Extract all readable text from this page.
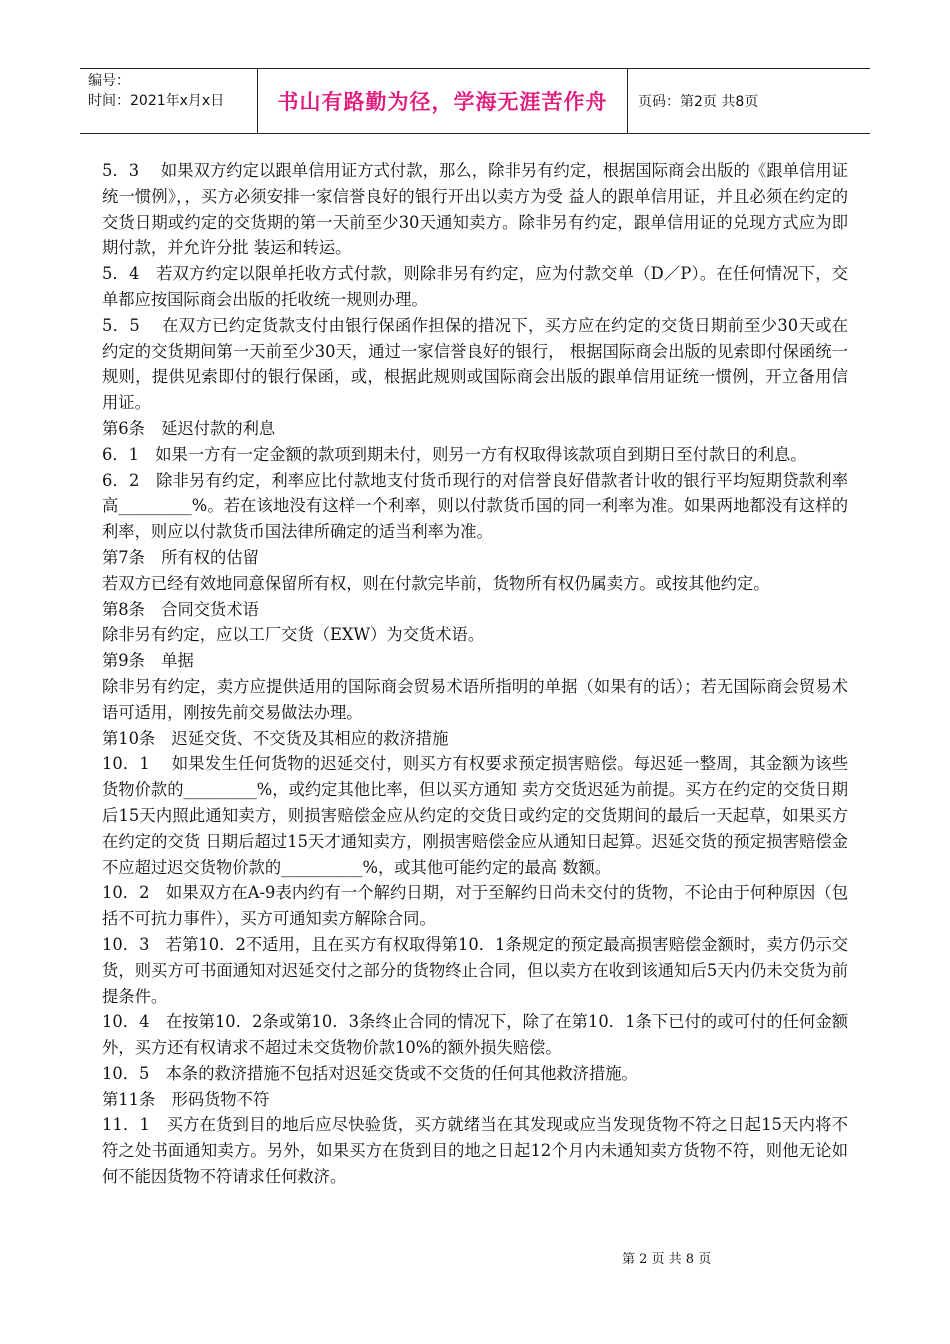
编号：
时间：2021年x月x日	书山有路勤为径，学海无涯苦作舟	页码：第2页 共8页

5．3　 如果双方约定以跟单信用证方式付款，那么，除非另有约定，根据国际商会出版的《跟单信用证统一惯例》，，买方必须安排一家信誉良好的银行开出以卖方为受 益人的跟单信用证，并且必须在约定的交货日期或约定的交货期的第一天前至少30天通知卖方。除非另有约定，跟单信用证的兑现方式应为即期付款，并允许分批 装运和转运。

5．4　若双方约定以限单托收方式付款，则除非另有约定，应为付款交单（D／P）。在任何情况下，交单都应按国际商会出版的托收统一规则办理。

5．5　 在双方已约定货款支付由银行保函作担保的措况下，买方应在约定的交货日期前至少30天或在约定的交货期间第一天前至少30天，通过一家信誉良好的银行， 根据国际商会出版的见索即付保函统一规则，提供见索即付的银行保函，或，根据此规则或国际商会出版的跟单信用证统一惯例，开立备用信用证。

第6条　延迟付款的利息

6．1　如果一方有一定金额的款项到期未付，则另一方有权取得该款项自到期日至付款日的利息。

6．2　除非另有约定，利率应比付款地支付货币现行的对信誉良好借款者计收的银行平均短期贷款利率高_________%。若在该地没有这样一个利率，则以付款货币国的同一利率为准。如果两地都没有这样的利率，则应以付款货币国法律所确定的适当利率为准。

第7条　所有权的估留

若双方已经有效地同意保留所有权，则在付款完毕前，货物所有权仍属卖方。或按其他约定。

第8条　合同交货术语

除非另有约定，应以工厂交货（EXW）为交货术语。

第9条　单据

除非另有约定，卖方应提供适用的国际商会贸易术语所指明的单据（如果有的话）；若无国际商会贸易术语可适用，刚按先前交易做法办理。

第10条　迟延交货、不交货及其相应的救济措施

10．1　 如果发生任何货物的迟延交付，则买方有权要求预定损害赔偿。每迟延一整周，其金额为该些货物价款的_________%，或约定其他比率，但以买方通知 卖方交货迟延为前提。买方在约定的交货日期后15天内照此通知卖方，则损害赔偿金应从约定的交货日或约定的交货期间的最后一天起草，如果买方在约定的交货 日期后超过15天才通知卖方，刚损害赔偿金应从通知日起算。迟延交货的预定损害赔偿金不应超过迟交货物价款的__________%，或其他可能约定的最高 数额。

10．2　如果双方在A-9表内约有一个解约日期，对于至解约日尚未交付的货物，不论由于何种原因（包括不可抗力事件），买方可通知卖方解除合同。

10．3　若第10．2不适用，且在买方有权取得第10．1条规定的预定最高损害赔偿金额时，卖方仍示交货，则买方可书面通知对迟延交付之部分的货物终止合同，但以卖方在收到该通知后5天内仍未交货为前提条件。

10．4　在按第10．2条或第10．3条终止合同的情况下，除了在第10．1条下已付的或可付的任何金额外，买方还有权请求不超过未交货物价款10%的额外损失赔偿。

10．5　本条的救济措施不包括对迟延交货或不交货的任何其他救济措施。

第11条　形码货物不符

11．1　买方在货到目的地后应尽快验货，买方就绪当在其发现或应当发现货物不符之日起15天内将不符之处书面通知卖方。另外，如果买方在货到目的地之日起12个月内未通知卖方货物不符，则他无论如何不能因货物不符请求任何救济。

第 2 页 共 8 页
